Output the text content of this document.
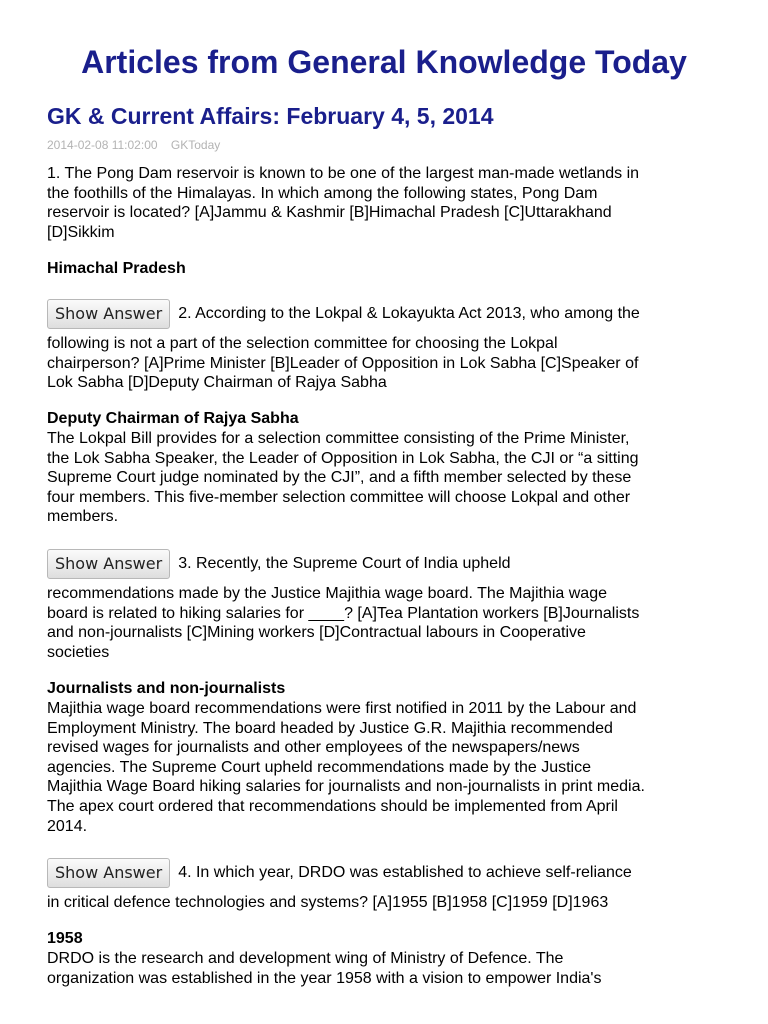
Articles from General Knowledge Today
GK & Current Affairs: February 4, 5, 2014
2014-02-08 11:02:00 GKToday

1. The Pong Dam reservoir is known to be one of the largest man-made wetlands in
the foothills of the Himalayas. In which among the following states, Pong Dam
reservoir is located? [A]Jammu & Kashmir [B]Himachal Pradesh [C]Uttarakhand
[D]Sikkim

Himachal Pradesh

Show Answer	2. According to the Lokpal & Lokayukta Act 2013, who among the

following is not a part of the selection committee for choosing the Lokpal
chairperson? [A]Prime Minister [B]Leader of Opposition in Lok Sabha [C]Speaker of
Lok Sabha [D]Deputy Chairman of Rajya Sabha

Deputy Chairman of Rajya Sabha

The Lokpal Bill provides for a selection committee consisting of the Prime Minister,
the Lok Sabha Speaker, the Leader of Opposition in Lok Sabha, the CJI or “a sitting
Supreme Court judge nominated by the CJI”, and a fifth member selected by these
four members. This five-member selection committee will choose Lokpal and other
members.

Show Answer	3. Recently, the Supreme Court of India upheld

recommendations made by the Justice Majithia wage board. The Majithia wage
board is related to hiking salaries for ____? [A]Tea Plantation workers [B]Journalists
and non-journalists [C]Mining workers [D]Contractual labours in Cooperative
societies

Journalists and non-journalists

Majithia wage board recommendations were first notified in 2011 by the Labour and
Employment Ministry. The board headed by Justice G.R. Majithia recommended
revised wages for journalists and other employees of the newspapers/news
agencies. The Supreme Court upheld recommendations made by the Justice
Majithia Wage Board hiking salaries for journalists and non-journalists in print media.
The apex court ordered that recommendations should be implemented from April
2014.

Show Answer	4. In which year, DRDO was established to achieve self-reliance

in critical defence technologies and systems? [A]1955 [B]1958 [C]1959 [D]1963

1958

DRDO is the research and development wing of Ministry of Defence. The
organization was established in the year 1958 with a vision to empower India's
